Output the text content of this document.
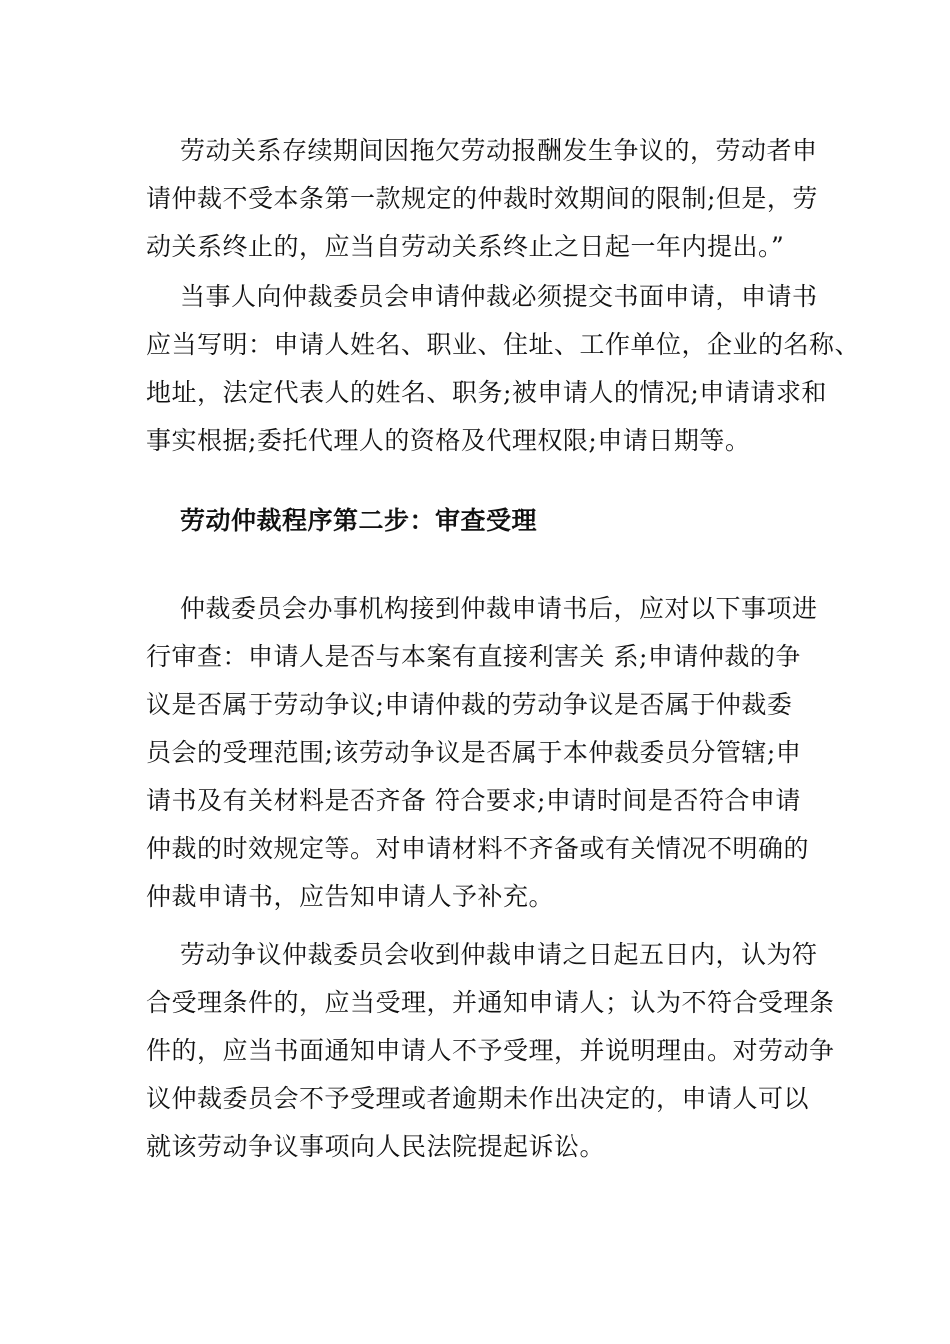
劳动关系存续期间因拖欠劳动报酬发生争议的，劳动者申
请仲裁不受本条第一款规定的仲裁时效期间的限制;但是，劳
动关系终止的，应当自劳动关系终止之日起一年内提出。”
当事人向仲裁委员会申请仲裁必须提交书面申请，申请书
应当写明：申请人姓名、职业、住址、工作单位，企业的名称、
地址，法定代表人的姓名、职务;被申请人的情况;申请请求和
事实根据;委托代理人的资格及代理权限;申请日期等。
劳动仲裁程序第二步：审查受理
仲裁委员会办事机构接到仲裁申请书后，应对以下事项进
行审查：申请人是否与本案有直接利害关 系;申请仲裁的争
议是否属于劳动争议;申请仲裁的劳动争议是否属于仲裁委
员会的受理范围;该劳动争议是否属于本仲裁委员分管辖;申
请书及有关材料是否齐备 符合要求;申请时间是否符合申请
仲裁的时效规定等。对申请材料不齐备或有关情况不明确的
仲裁申请书，应告知申请人予补充。
劳动争议仲裁委员会收到仲裁申请之日起五日内，认为符
合受理条件的，应当受理，并通知申请人；认为不符合受理条
件的，应当书面通知申请人不予受理，并说明理由。对劳动争
议仲裁委员会不予受理或者逾期未作出决定的，申请人可以
就该劳动争议事项向人民法院提起诉讼。
